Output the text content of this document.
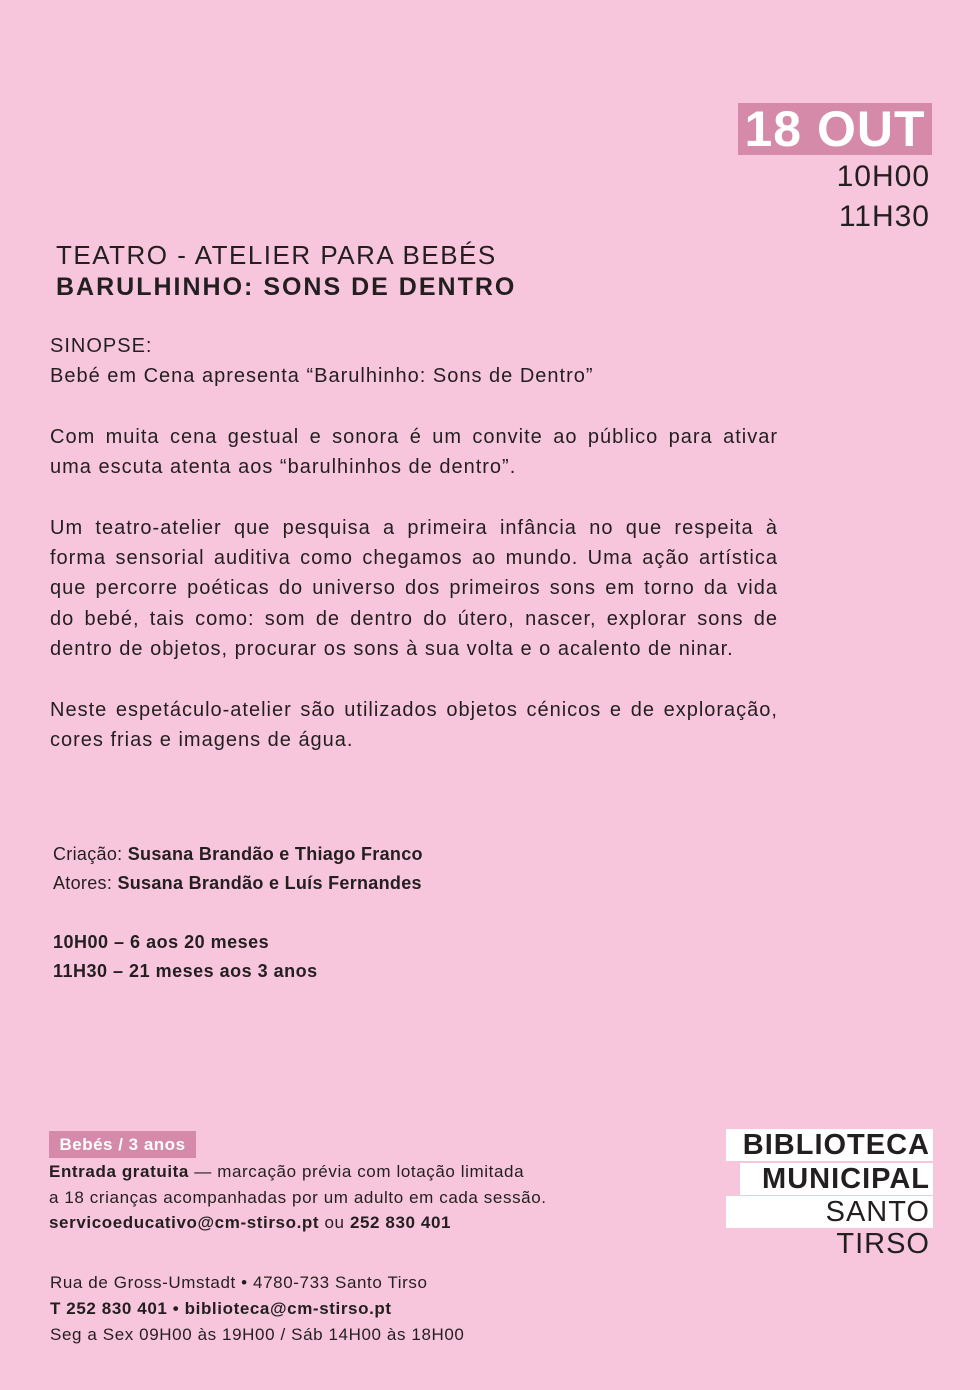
18 OUT
10H00
11H30
TEATRO - ATELIER PARA BEBÉS
BARULHINHO: SONS DE DENTRO

SINOPSE:
Bebé em Cena apresenta “Barulhinho: Sons de Dentro”

Com muita cena gestual e sonora é um convite ao público para ativar uma escuta atenta aos “barulhinhos de dentro”.

Um teatro-atelier que pesquisa a primeira infância no que respeita à forma sensorial auditiva como chegamos ao mundo. Uma ação artística que percorre poéticas do universo dos primeiros sons em torno da vida do bebé, tais como: som de dentro do útero, nascer, explorar sons de dentro de objetos, procurar os sons à sua volta e o acalento de ninar.

Neste espetáculo-atelier são utilizados objetos cénicos e de exploração, cores frias e imagens de água.

Criação: Susana Brandão e Thiago Franco
Atores: Susana Brandão e Luís Fernandes
10H00 – 6 aos 20 meses
11H30 – 21 meses aos 3 anos
Bebés / 3 anos
Entrada gratuita — marcação prévia com lotação limitada
a 18 crianças acompanhadas por um adulto em cada sessão.
servicoeducativo@cm-stirso.pt ou 252 830 401
Rua de Gross-Umstadt • 4780-733 Santo Tirso
T 252 830 401 • biblioteca@cm-stirso.pt
Seg a Sex 09H00 às 19H00 / Sáb 14H00 às 18H00
BIBLIOTECA
MUNICIPAL
SANTO TIRSO
